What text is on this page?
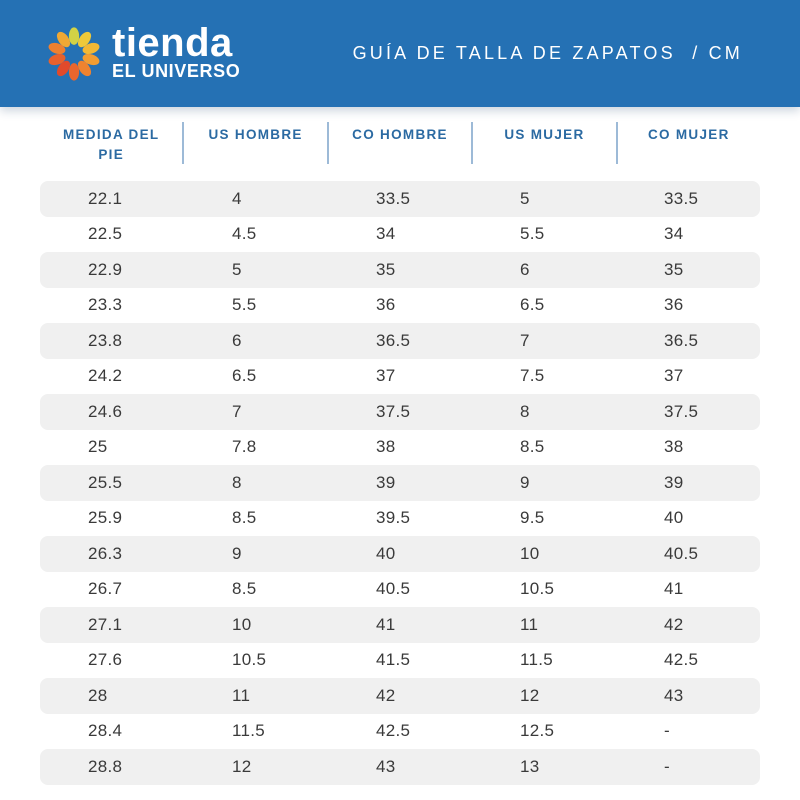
tienda
EL UNIVERSO
GUÍA DE TALLA DE ZAPATOS  / CM
MEDIDA DEL PIE
US HOMBRE	CO HOMBRE	US MUJER	CO MUJER
22.1	4	33.5	5	33.5
22.5	4.5	34	5.5	34
22.9	5	35	6	35
23.3	5.5	36	6.5	36
23.8	6	36.5	7	36.5
24.2	6.5	37	7.5	37
24.6	7	37.5	8	37.5
25	7.8	38	8.5	38
25.5	8	39	9	39
25.9	8.5	39.5	9.5	40
26.3	9	40	10	40.5
26.7	8.5	40.5	10.5	41
27.1	10	41	11	42
27.6	10.5	41.5	11.5	42.5
28	11	42	12	43
28.4	11.5	42.5	12.5	-
28.8	12	43	13	-
